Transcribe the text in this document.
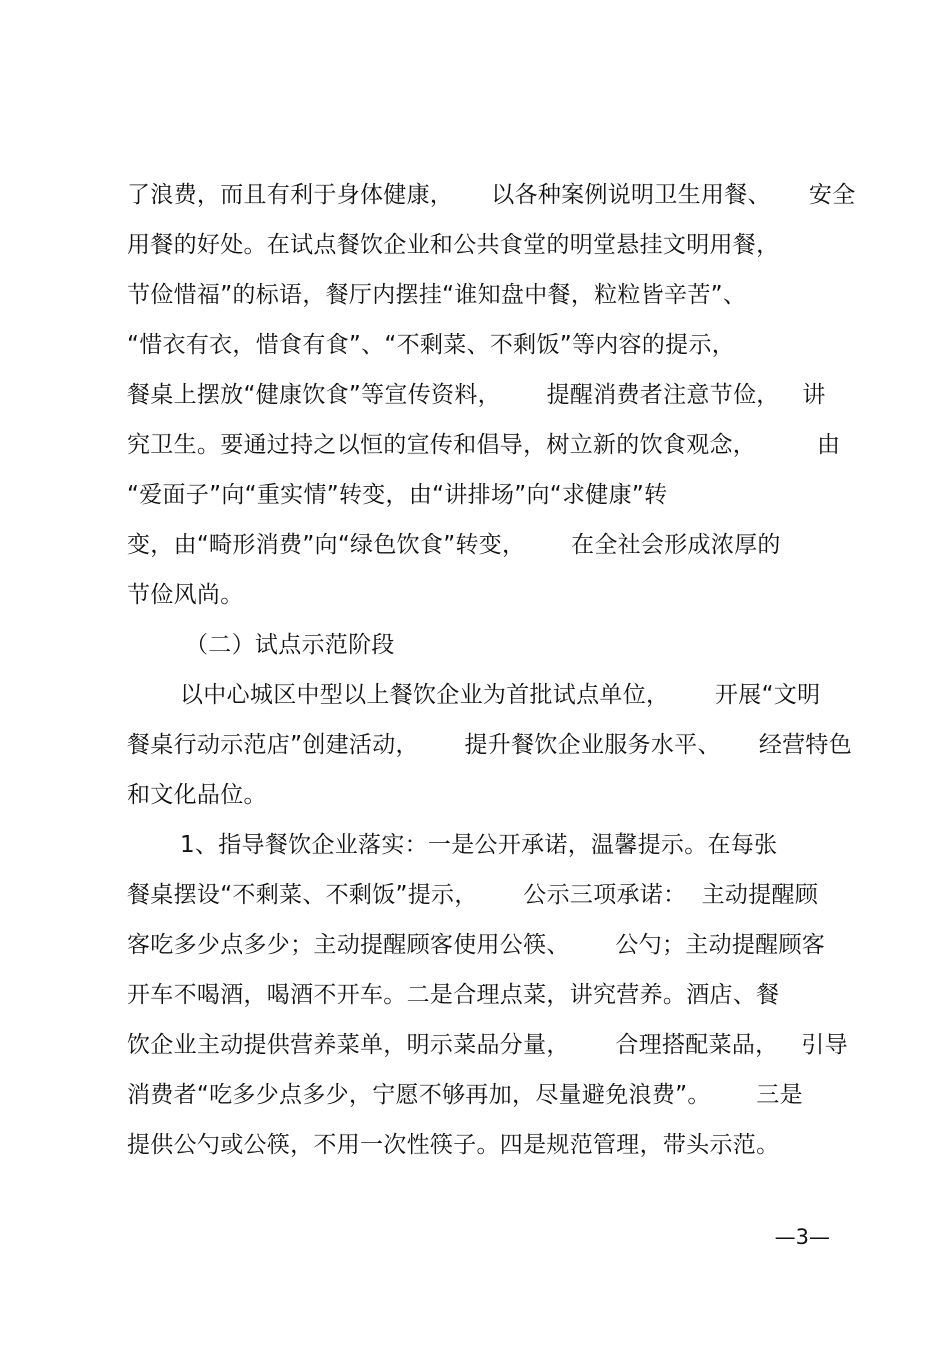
了浪费，而且有利于身体健康，     以各种案例说明卫生用餐、     安全
用餐的好处。在试点餐饮企业和公共食堂的明堂悬挂文明用餐，
节俭惜福”的标语，餐厅内摆挂“谁知盘中餐，粒粒皆辛苦”、
“惜衣有衣，惜食有食”、“不剩菜、不剩饭”等内容的提示，
餐桌上摆放“健康饮食”等宣传资料，      提醒消费者注意节俭，   讲
究卫生。要通过持之以恒的宣传和倡导，树立新的饮食观念，        由
“爱面子”向“重实情”转变，由“讲排场”向“求健康”转
变，由“畸形消费”向“绿色饮食”转变，      在全社会形成浓厚的
节俭风尚。
（二）试点示范阶段
以中心城区中型以上餐饮企业为首批试点单位，      开展“文明
餐桌行动示范店”创建活动，      提升餐饮企业服务水平、     经营特色
和文化品位。
1、指导餐饮企业落实：一是公开承诺，温馨提示。在每张
餐桌摆设“不剩菜、不剩饭”提示，      公示三项承诺：  主动提醒顾
客吃多少点多少；主动提醒顾客使用公筷、      公勺；主动提醒顾客
开车不喝酒，喝酒不开车。二是合理点菜，讲究营养。酒店、餐
饮企业主动提供营养菜单，明示菜品分量，      合理搭配菜品，   引导
消费者“吃多少点多少，宁愿不够再加，尽量避免浪费”。      三是
提供公勺或公筷，不用一次性筷子。四是规范管理，带头示范。
—3—
